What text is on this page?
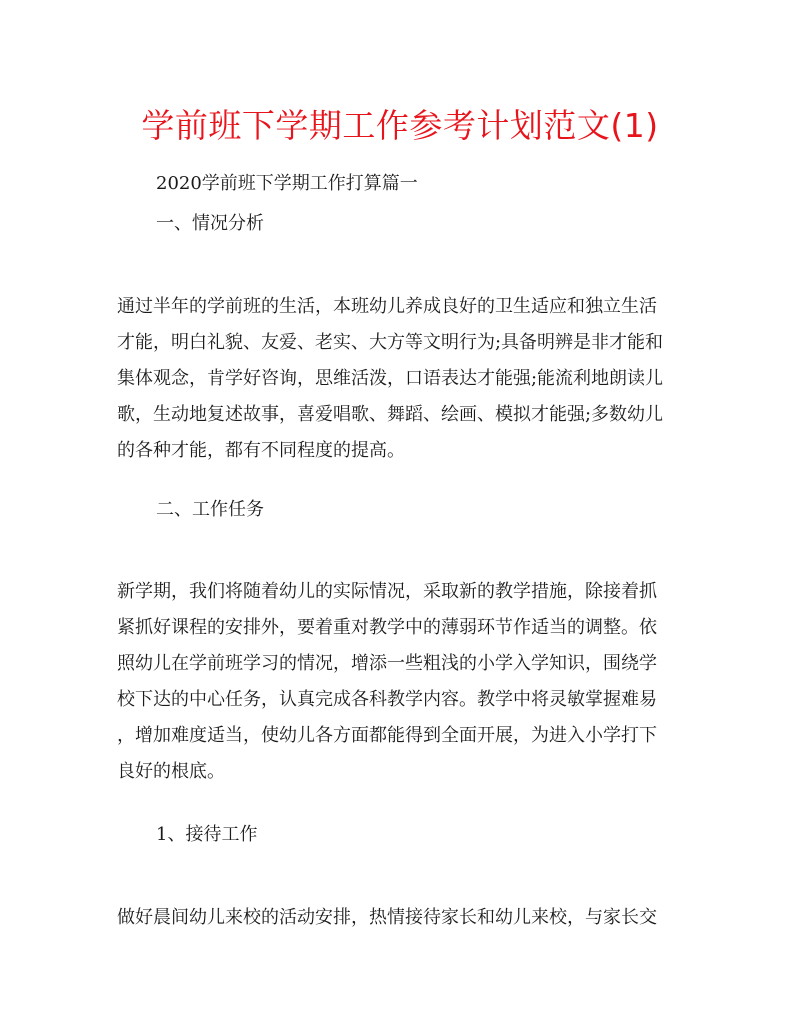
学前班下学期工作参考计划范文(1)
2020学前班下学期工作打算篇一
一、情况分析

通过半年的学前班的生活，本班幼儿养成良好的卫生适应和独立生活

才能，明白礼貌、友爱、老实、大方等文明行为;具备明辨是非才能和

集体观念，肯学好咨询，思维活泼，口语表达才能强;能流利地朗读儿

歌，生动地复述故事，喜爱唱歌、舞蹈、绘画、模拟才能强;多数幼儿

的各种才能，都有不同程度的提高。

二、工作任务

新学期，我们将随着幼儿的实际情况，采取新的教学措施，除接着抓

紧抓好课程的安排外，要着重对教学中的薄弱环节作适当的调整。依

照幼儿在学前班学习的情况，增添一些粗浅的小学入学知识，围绕学

校下达的中心任务，认真完成各科教学内容。教学中将灵敏掌握难易

，增加难度适当，使幼儿各方面都能得到全面开展，为进入小学打下

良好的根底。

1、接待工作

做好晨间幼儿来校的活动安排，热情接待家长和幼儿来校，与家长交
